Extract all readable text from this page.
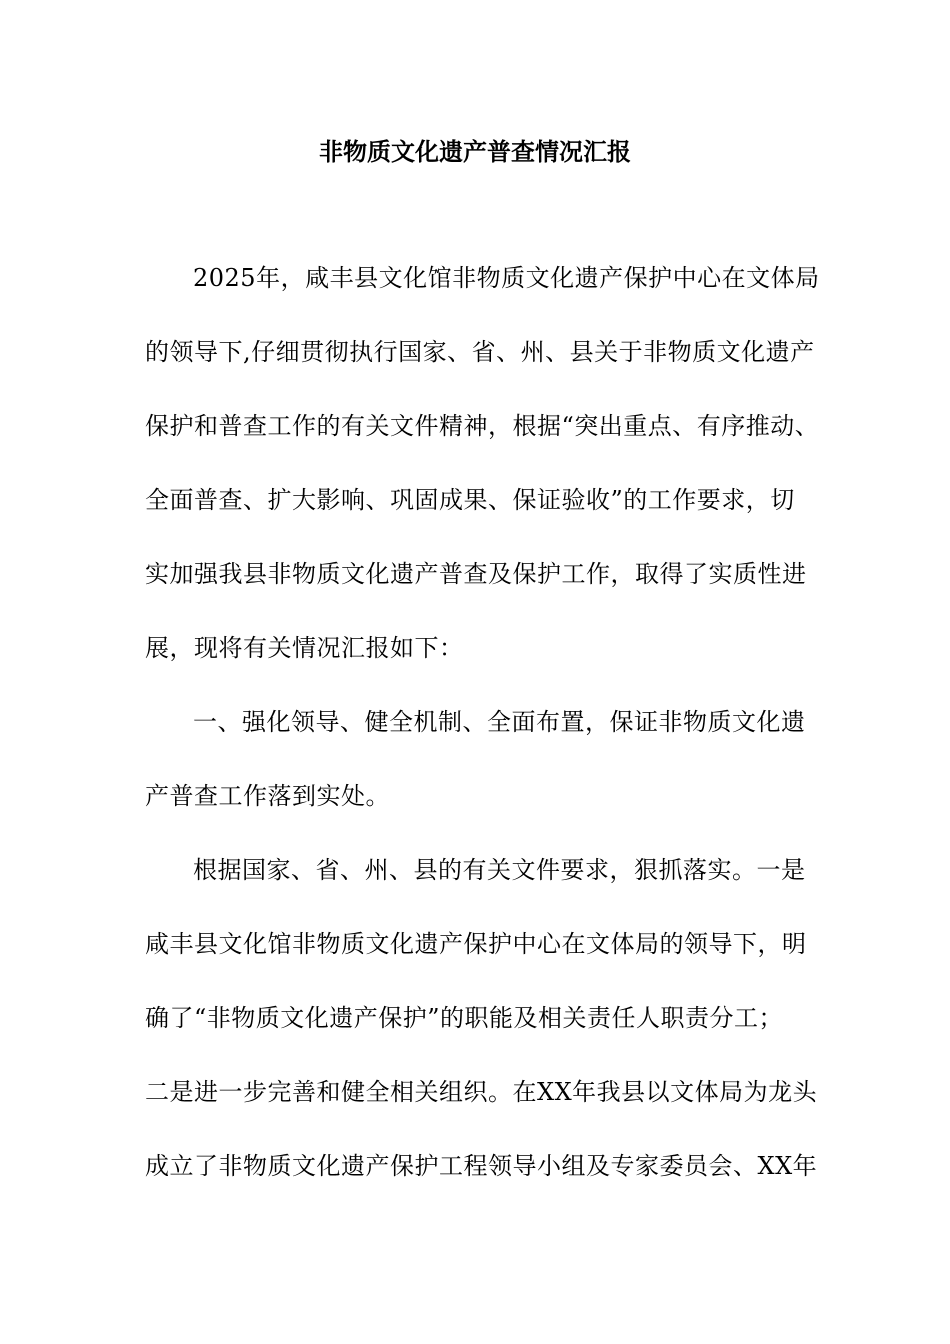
非物质文化遗产普查情况汇报
2025年，咸丰县文化馆非物质文化遗产保护中心在文体局
的领导下,仔细贯彻执行国家、省、州、县关于非物质文化遗产
保护和普查工作的有关文件精神，根据“突出重点、有序推动、
全面普查、扩大影响、巩固成果、保证验收”的工作要求，切
实加强我县非物质文化遗产普查及保护工作，取得了实质性进
展，现将有关情况汇报如下：
一、强化领导、健全机制、全面布置，保证非物质文化遗
产普查工作落到实处。
根据国家、省、州、县的有关文件要求，狠抓落实。一是
咸丰县文化馆非物质文化遗产保护中心在文体局的领导下，明
确了“非物质文化遗产保护”的职能及相关责任人职责分工；
二是进一步完善和健全相关组织。在XX年我县以文体局为龙头
成立了非物质文化遗产保护工程领导小组及专家委员会、XX年
